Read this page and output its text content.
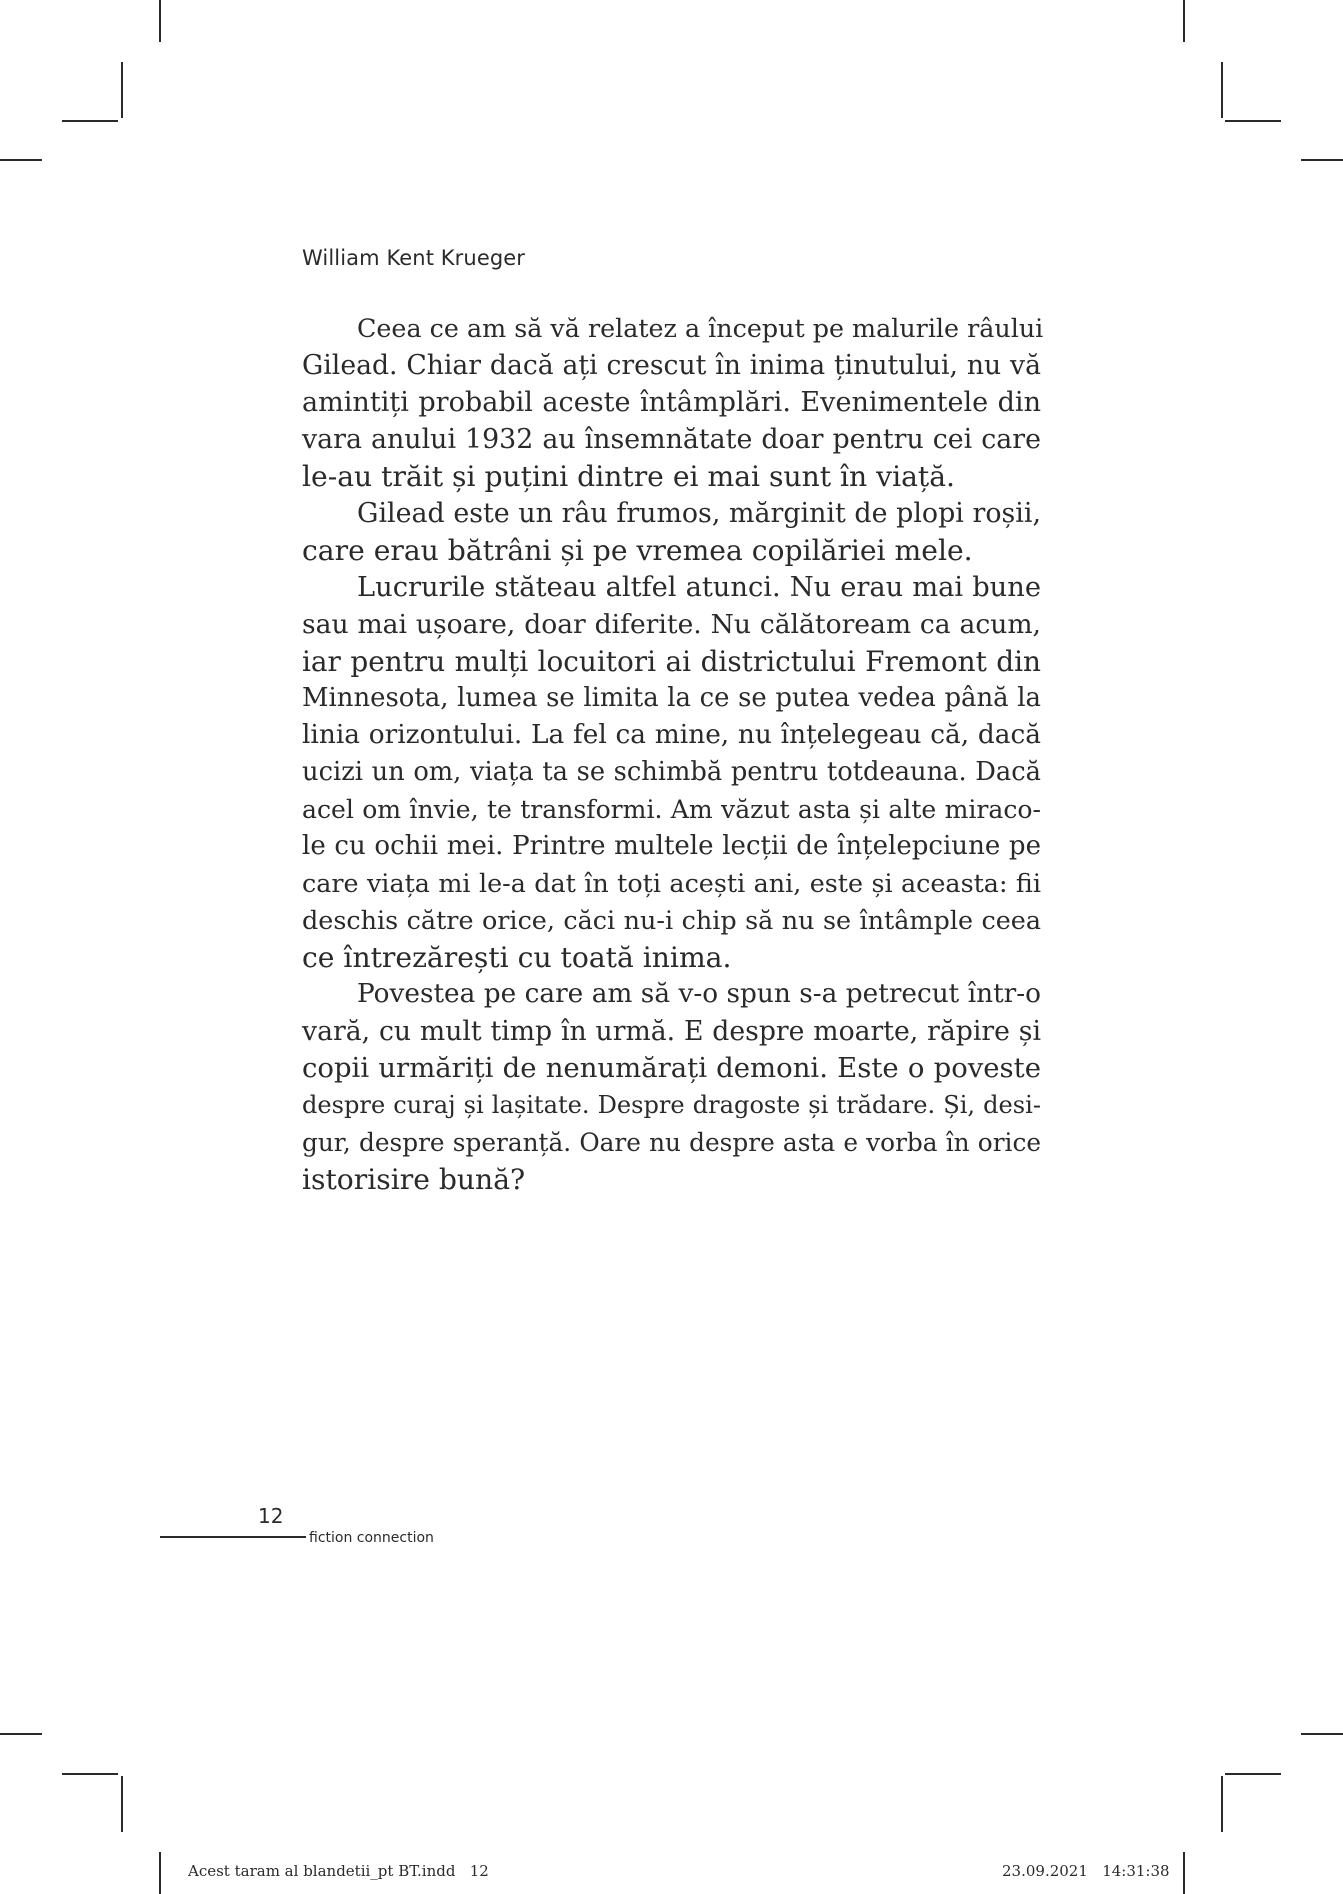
William Kent Krueger
Ceea ce am să vă relatez a început pe malurile râului
Gilead. Chiar dacă ați crescut în inima ținutului, nu vă
amintiți probabil aceste întâmplări. Evenimentele din
vara anului 1932 au însemnătate doar pentru cei care
le-au trăit și puțini dintre ei mai sunt în viață.
Gilead este un râu frumos, mărginit de plopi roșii,
care erau bătrâni și pe vremea copilăriei mele.
Lucrurile stăteau altfel atunci. Nu erau mai bune
sau mai ușoare, doar diferite. Nu călătoream ca acum,
iar pentru mulți locuitori ai districtului Fremont din
Minnesota, lumea se limita la ce se putea vedea până la
linia orizontului. La fel ca mine, nu înțelegeau că, dacă
ucizi un om, viața ta se schimbă pentru totdeauna. Dacă
acel om învie, te transformi. Am văzut asta și alte miraco-
le cu ochii mei. Printre multele lecții de înțelepciune pe
care viața mi le-a dat în toți acești ani, este și aceasta: fii
deschis către orice, căci nu-i chip să nu se întâmple ceea
ce întrezărești cu toată inima.
Povestea pe care am să v-o spun s-a petrecut într-o
vară, cu mult timp în urmă. E despre moarte, răpire și
copii urmăriți de nenumărați demoni. Este o poveste
despre curaj și lașitate. Despre dragoste și trădare. Și, desi-
gur, despre speranță. Oare nu despre asta e vorba în orice
istorisire bună?
12
fiction connection
Acest taram al blandetii_pt BT.indd   12	23.09.2021   14:31:38
